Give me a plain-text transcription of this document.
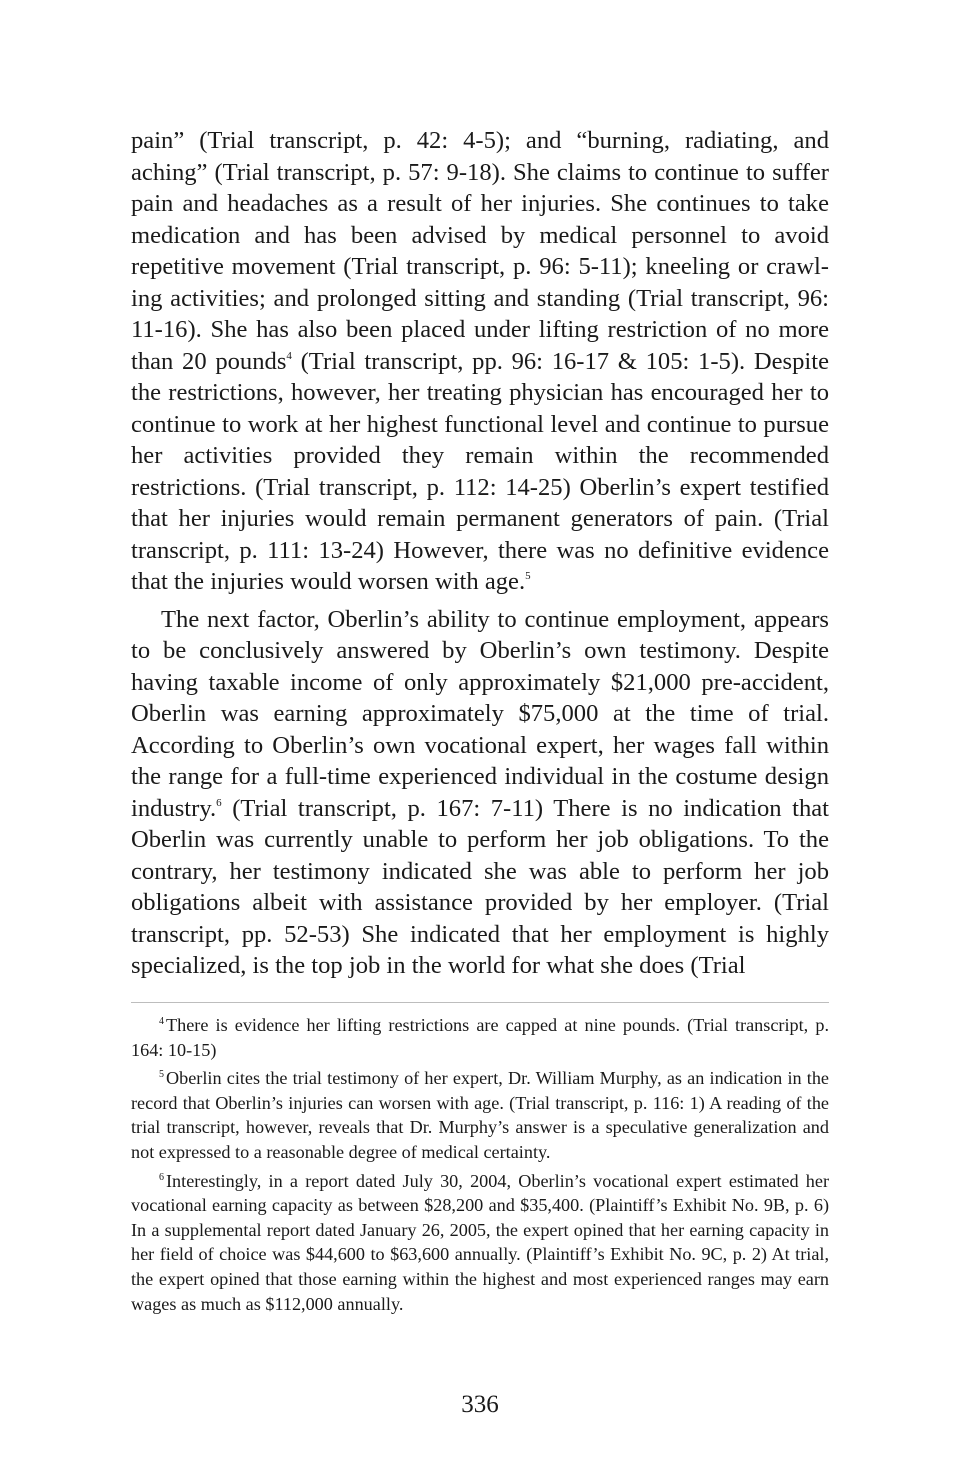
pain” (Trial transcript, p. 42: 4-5); and “burning, radiating, and aching” (Trial transcript, p. 57: 9-18). She claims to continue to suffer pain and headaches as a result of her injuries. She continues to take medication and has been advised by medical personnel to avoid repetitive movement (Trial transcript, p. 96: 5-11); kneeling or crawling activities; and prolonged sitting and standing (Trial transcript, 96: 11-16). She has also been placed under lifting restriction of no more than 20 pounds$^4$ (Trial transcript, pp. 96: 16-17 & 105: 1-5). Despite the restrictions, however, her treating physician has encouraged her to continue to work at her highest functional level and continue to pursue her activities provided they remain within the recommended restrictions. (Trial transcript, p. 112: 14-25) Oberlin’s expert testified that her injuries would remain permanent generators of pain. (Trial transcript, p. 111: 13-24) However, there was no definitive evidence that the injuries would worsen with age.$^5$

The next factor, Oberlin’s ability to continue employment, appears to be conclusively answered by Oberlin’s own testimony. Despite having taxable income of only approximately $21,000 pre-accident, Oberlin was earning approximately $75,000 at the time of trial. According to Oberlin’s own vocational expert, her wages fall within the range for a full-time experienced individual in the costume design industry.$^6$ (Trial transcript, p. 167: 7-11) There is no indication that Oberlin was currently unable to perform her job obligations. To the contrary, her testimony indicated she was able to perform her job obligations albeit with assistance provided by her employer. (Trial transcript, pp. 52-53) She indicated that her employment is highly specialized, is the top job in the world for what she does (Trial

$^4$ There is evidence her lifting restrictions are capped at nine pounds. (Trial transcript, p. 164: 10-15)

$^5$ Oberlin cites the trial testimony of her expert, Dr. William Murphy, as an indication in the record that Oberlin’s injuries can worsen with age. (Trial transcript, p. 116: 1) A reading of the trial transcript, however, reveals that Dr. Murphy’s answer is a speculative generalization and not expressed to a reasonable degree of medical certainty.

$^6$ Interestingly, in a report dated July 30, 2004, Oberlin’s vocational expert estimated her vocational earning capacity as between $28,200 and $35,400. (Plaintiff’s Exhibit No. 9B, p. 6) In a supplemental report dated January 26, 2005, the expert opined that her earning capacity in her field of choice was $44,600 to $63,600 annually. (Plaintiff’s Exhibit No. 9C, p. 2) At trial, the expert opined that those earning within the highest and most experienced ranges may earn wages as much as $112,000 annually.

336
